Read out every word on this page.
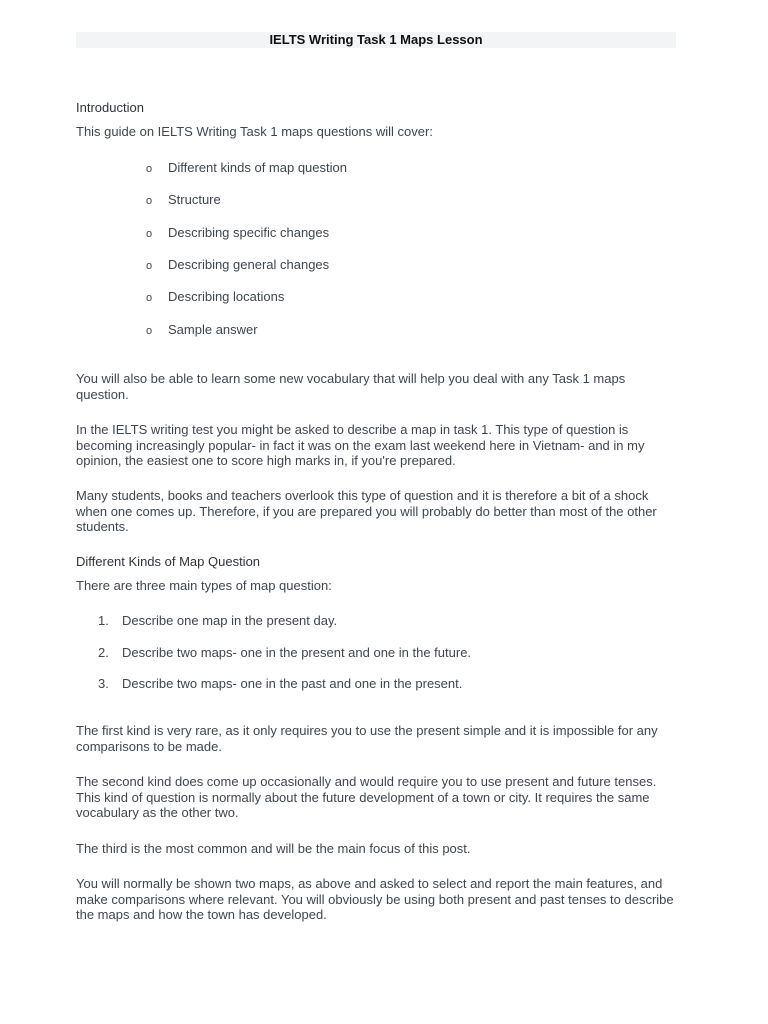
IELTS Writing Task 1 Maps Lesson

Introduction

This guide on IELTS Writing Task 1 maps questions will cover:

o Different kinds of map question
o Structure
o Describing specific changes
o Describing general changes
o Describing locations
o Sample answer

You will also be able to learn some new vocabulary that will help you deal with any Task 1 maps question.

In the IELTS writing test you might be asked to describe a map in task 1. This type of question is becoming increasingly popular- in fact it was on the exam last weekend here in Vietnam- and in my opinion, the easiest one to score high marks in, if you're prepared.

Many students, books and teachers overlook this type of question and it is therefore a bit of a shock when one comes up. Therefore, if you are prepared you will probably do better than most of the other students.

Different Kinds of Map Question

There are three main types of map question:

1. Describe one map in the present day.
2. Describe two maps- one in the present and one in the future.
3. Describe two maps- one in the past and one in the present.

The first kind is very rare, as it only requires you to use the present simple and it is impossible for any comparisons to be made.

The second kind does come up occasionally and would require you to use present and future tenses. This kind of question is normally about the future development of a town or city. It requires the same vocabulary as the other two.

The third is the most common and will be the main focus of this post.

You will normally be shown two maps, as above and asked to select and report the main features, and make comparisons where relevant. You will obviously be using both present and past tenses to describe the maps and how the town has developed.
